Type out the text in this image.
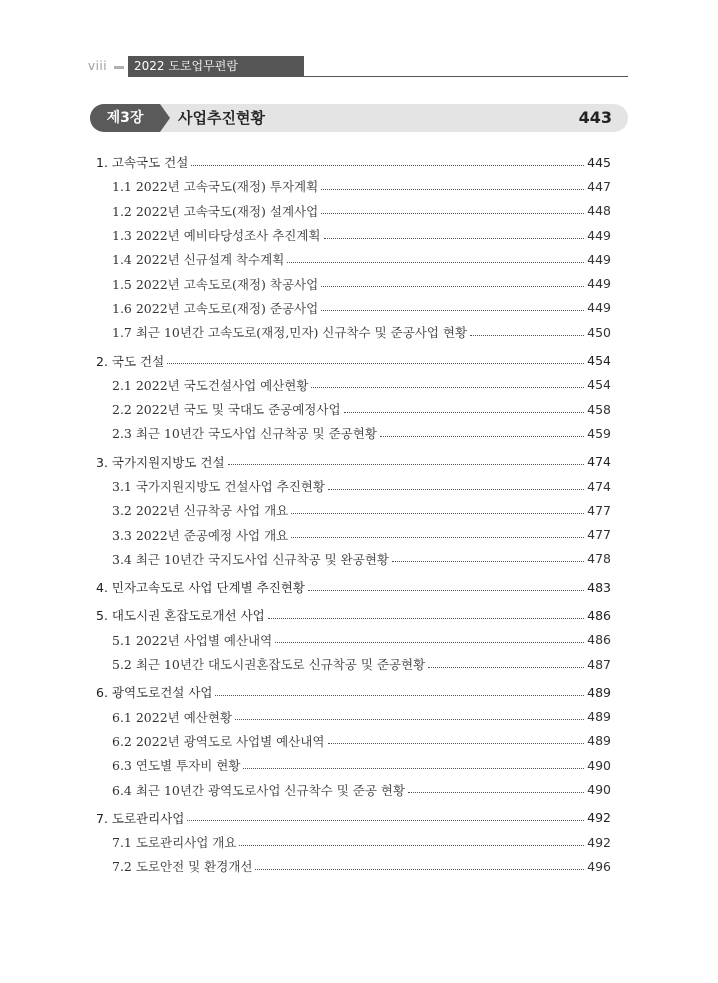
viii	2022 도로업무편람
제3장	사업추진현황	443
1. 고속국도 건설	445
1.1 2022년 고속국도(재정) 투자계획	447
1.2 2022년 고속국도(재정) 설계사업	448
1.3 2022년 예비타당성조사 추진계획	449
1.4 2022년 신규설계 착수계획	449
1.5 2022년 고속도로(재정) 착공사업	449
1.6 2022년 고속도로(재정) 준공사업	449
1.7 최근 10년간 고속도로(재정,민자) 신규착수 및 준공사업 현황	450
2. 국도 건설	454
2.1 2022년 국도건설사업 예산현황	454
2.2 2022년 국도 및 국대도 준공예정사업	458
2.3 최근 10년간 국도사업 신규착공 및 준공현황	459
3. 국가지원지방도 건설	474
3.1 국가지원지방도 건설사업 추진현황	474
3.2 2022년 신규착공 사업 개요	477
3.3 2022년 준공예정 사업 개요	477
3.4 최근 10년간 국지도사업 신규착공 및 완공현황	478
4. 민자고속도로 사업 단계별 추진현황	483
5. 대도시권 혼잡도로개선 사업	486
5.1 2022년 사업별 예산내역	486
5.2 최근 10년간 대도시권혼잡도로 신규착공 및 준공현황	487
6. 광역도로건설 사업	489
6.1 2022년 예산현황	489
6.2 2022년 광역도로 사업별 예산내역	489
6.3 연도별 투자비 현황	490
6.4 최근 10년간 광역도로사업 신규착수 및 준공 현황	490
7. 도로관리사업	492
7.1 도로관리사업 개요	492
7.2 도로안전 및 환경개선	496
